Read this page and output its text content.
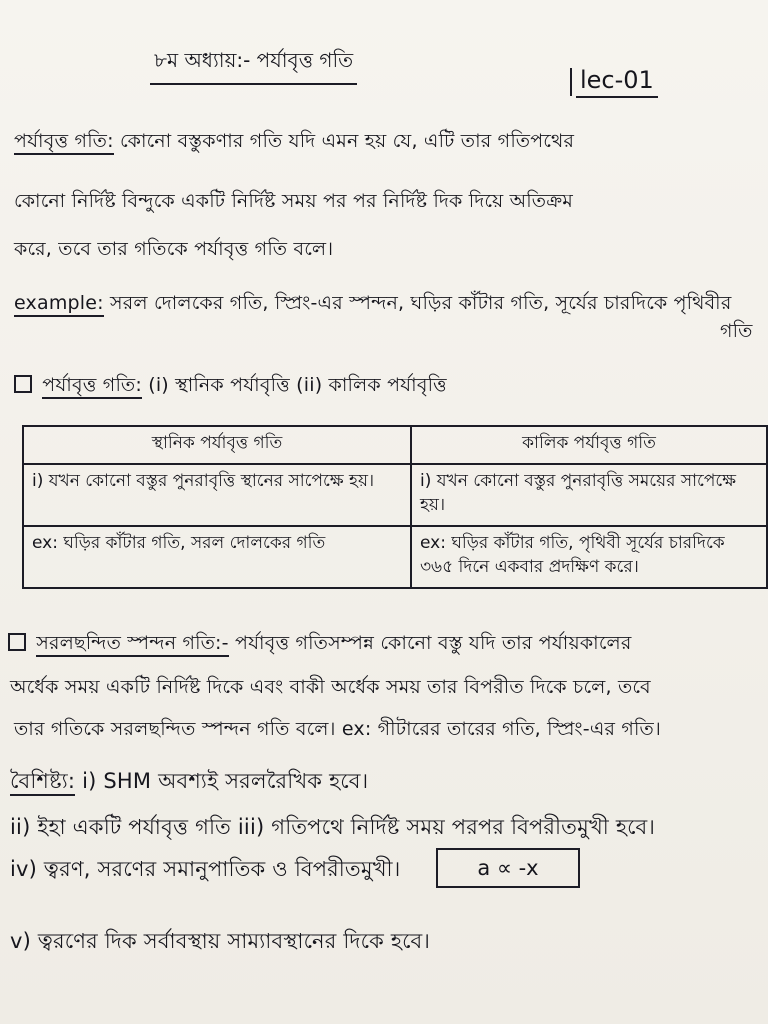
৮ম অধ্যায়:- পর্যাবৃত্ত গতি
lec-01
পর্যাবৃত্ত গতি: কোনো বস্তুকণার গতি যদি এমন হয় যে, এটি তার গতিপথের
কোনো নির্দিষ্ট বিন্দুকে একটি নির্দিষ্ট সময় পর পর নির্দিষ্ট দিক দিয়ে অতিক্রম
করে, তবে তার গতিকে পর্যাবৃত্ত গতি বলে।
example: সরল দোলকের গতি, স্প্রিং-এর স্পন্দন, ঘড়ির কাঁটার গতি, সূর্যের চারদিকে পৃথিবীর
গতি
পর্যাবৃত্ত গতি: (i) স্থানিক পর্যাবৃত্তি (ii) কালিক পর্যাবৃত্তি
স্থানিক পর্যাবৃত্ত গতি	কালিক পর্যাবৃত্ত গতি
i) যখন কোনো বস্তুর পুনরাবৃত্তি স্থানের সাপেক্ষে হয়।	i) যখন কোনো বস্তুর পুনরাবৃত্তি সময়ের সাপেক্ষে হয়।
ex: ঘড়ির কাঁটার গতি, সরল দোলকের গতি	ex: ঘড়ির কাঁটার গতি, পৃথিবী সূর্যের চারদিকে ৩৬৫ দিনে একবার প্রদক্ষিণ করে।
সরলছন্দিত স্পন্দন গতি:- পর্যাবৃত্ত গতিসম্পন্ন কোনো বস্তু যদি তার পর্যায়কালের
অর্ধেক সময় একটি নির্দিষ্ট দিকে এবং বাকী অর্ধেক সময় তার বিপরীত দিকে চলে, তবে
তার গতিকে সরলছন্দিত স্পন্দন গতি বলে। ex: গীটারের তারের গতি, স্প্রিং-এর গতি।
বৈশিষ্ট্য: i) SHM অবশ্যই সরলরৈখিক হবে।
ii) ইহা একটি পর্যাবৃত্ত গতি iii) গতিপথে নির্দিষ্ট সময় পরপর বিপরীতমুখী হবে।
iv) ত্বরণ, সরণের সমানুপাতিক ও বিপরীতমুখী।	a ∝ -x
v) ত্বরণের দিক সর্বাবস্থায় সাম্যাবস্থানের দিকে হবে।
